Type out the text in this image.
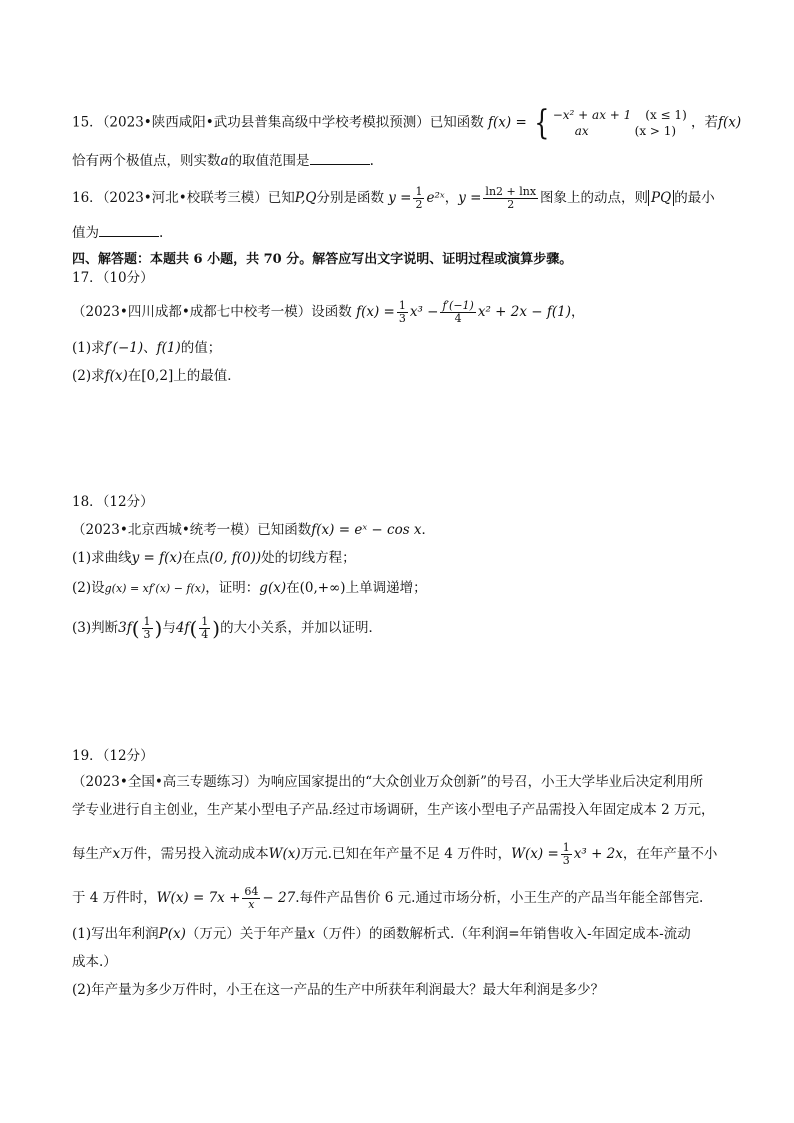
15．（2023•陕西咸阳•武功县普集高级中学校考模拟预测）已知函数 f(x) = { −x² + ax + 1 (x ≤ 1)
ax	(x > 1)
，若f(x)
恰有两个极值点，则实数a的取值范围是	.
16．（2023•河北•校联考三模）已知P,Q分别是函数 $y = \frac{1}{2}$ e²ˣ，$y = \frac{\ln 2 + \ln x}{2}$ 图象上的动点，则 PQ 的最小
值为	.
四、解答题：本题共 6 小题，共 70 分。解答应写出文字说明、证明过程或演算步骤。
17．（10分）
（2023•四川成都•成都七中校考一模）设函数 $f(x) = \frac{1}{3} x^3 - \frac{f'(-1)}{4} x^2 + 2x - f(1)$，
(1)求f′(−1)、f(1)的值；
(2)求f(x)在[0,2]上的最值．
18．（12分）
（2023•北京西城•统考一模）已知函数f(x) = eˣ − cos x．
(1)求曲线y = f(x)在点(0, f(0))处的切线方程；
(2)设g(x) = xf′(x) − f(x)，证明：g(x)在(0,+∞)上单调递增；
(3)判断$3f( \frac{1}{3}$ )与$4f( \frac{1}{4}$ )的大小关系，并加以证明．
19．（12分）
（2023•全国•高三专题练习）为响应国家提出的“大众创业万众创新”的号召，小王大学毕业后决定利用所
学专业进行自主创业，生产某小型电子产品.经过市场调研，生产该小型电子产品需投入年固定成本 2 万元，
每生产x万件，需另投入流动成本W(x)万元.已知在年产量不足 4 万件时，$W(x) = \frac{1}{3} x^3 + 2x$，在年产量不小
于 4 万件时，$W(x) = 7x + \frac{64}{x} - 27$.每件产品售价 6 元.通过市场分析，小王生产的产品当年能全部售完.
(1)写出年利润P(x)（万元）关于年产量x（万件）的函数解析式.（年利润=年销售收入-年固定成本-流动
成本.）
(2)年产量为多少万件时，小王在这一产品的生产中所获年利润最大？最大年利润是多少？
